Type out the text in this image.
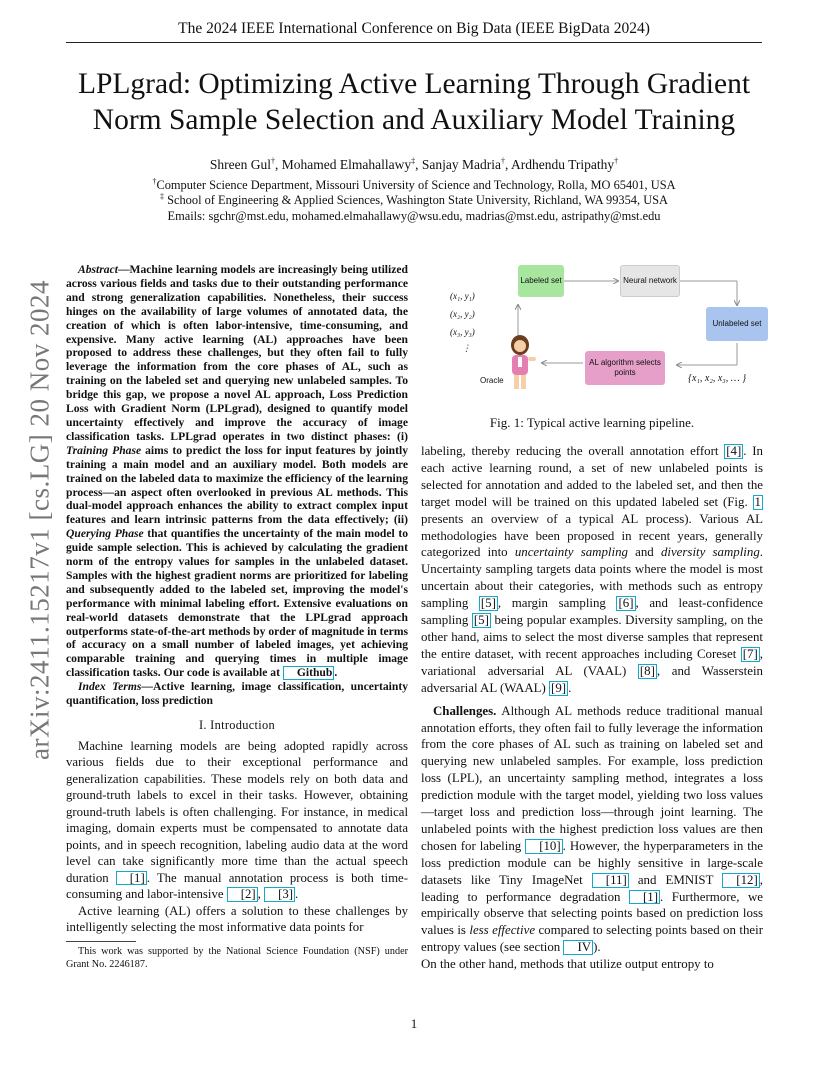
The 2024 IEEE International Conference on Big Data (IEEE BigData 2024)
arXiv:2411.15217v1 [cs.LG] 20 Nov 2024
LPLgrad: Optimizing Active Learning Through Gradient
Norm Sample Selection and Auxiliary Model Training
Shreen Gul†, Mohamed Elmahallawy‡, Sanjay Madria†, Ardhendu Tripathy†
†Computer Science Department, Missouri University of Science and Technology, Rolla, MO 65401, USA
‡ School of Engineering & Applied Sciences, Washington State University, Richland, WA 99354, USA
Emails: sgchr@mst.edu, mohamed.elmahallawy@wsu.edu, madrias@mst.edu, astripathy@mst.edu

Abstract—Machine learning models are increasingly being utilized across various fields and tasks due to their outstanding performance and strong generalization capabilities. Nonetheless, their success hinges on the availability of large volumes of annotated data, the creation of which is often labor-intensive, time-consuming, and expensive. Many active learning (AL) approaches have been proposed to address these challenges, but they often fail to fully leverage the information from the core phases of AL, such as training on the labeled set and querying new unlabeled samples. To bridge this gap, we propose a novel AL approach, Loss Prediction Loss with Gradient Norm (LPLgrad), designed to quantify model uncertainty effectively and improve the accuracy of image classification tasks. LPLgrad operates in two distinct phases: (i) Training Phase aims to predict the loss for input features by jointly training a main model and an auxiliary model. Both models are trained on the labeled data to maximize the efficiency of the learning process—an aspect often overlooked in previous AL methods. This dual-model approach enhances the ability to extract complex input features and learn intrinsic patterns from the data effectively; (ii) Querying Phase that quantifies the uncertainty of the main model to guide sample selection. This is achieved by calculating the gradient norm of the entropy values for samples in the unlabeled dataset. Samples with the highest gradient norms are prioritized for labeling and subsequently added to the labeled set, improving the model's performance with minimal labeling effort. Extensive evaluations on real-world datasets demonstrate that the LPLgrad approach outperforms state-of-the-art methods by order of magnitude in terms of accuracy on a small number of labeled images, yet achieving comparable training and querying times in multiple image classification tasks. Our code is available at Github .

Index Terms—Active learning, image classification, uncertainty quantification, loss prediction

I. Introduction

Machine learning models are being adopted rapidly across various fields due to their exceptional performance and generalization capabilities. These models rely on both data and ground-truth labels to excel in their tasks. However, obtaining ground-truth labels is often challenging. For instance, in medical imaging, domain experts must be compensated to annotate data points, and in speech recognition, labeling audio data at the word level can take significantly more time than the actual speech duration [1] . The manual annotation process is both time-consuming and labor-intensive [2] , [3] .

Active learning (AL) offers a solution to these challenges by intelligently selecting the most informative data points for

This work was supported by the National Science Foundation (NSF) under Grant No. 2246187.
Labeled set	Neural network
Unlabeled set
AL algorithm selects points
Oracle
(x₁, y₁)
(x₂, y₂)
(x₃, y₃)
⋮
{x₁, x₂, x₃, … }
Fig. 1: Typical active learning pipeline.

labeling, thereby reducing the overall annotation effort [4] . In each active learning round, a set of new unlabeled points is selected for annotation and added to the labeled set, and then the target model will be trained on this updated labeled set (Fig. 1 presents an overview of a typical AL process). Various AL methodologies have been proposed in recent years, generally categorized into uncertainty sampling and diversity sampling. Uncertainty sampling targets data points where the model is most uncertain about their categories, with methods such as entropy sampling [5] , margin sampling [6] , and least-confidence sampling [5] being popular examples. Diversity sampling, on the other hand, aims to select the most diverse samples that represent the entire dataset, with recent approaches including Coreset [7] , variational adversarial AL (VAAL) [8] , and Wasserstein adversarial AL (WAAL) [9] .

Challenges. Although AL methods reduce traditional manual annotation efforts, they often fail to fully leverage the information from the core phases of AL such as training on labeled set and querying new unlabeled samples. For example, loss prediction loss (LPL), an uncertainty sampling method, integrates a loss prediction module with the target model, yielding two loss values—target loss and prediction loss—through joint learning. The unlabeled points with the highest prediction loss values are then chosen for labeling [10] . However, the hyperparameters in the loss prediction module can be highly sensitive in large-scale datasets like Tiny ImageNet [11] and EMNIST [12] , leading to performance degradation [1] . Furthermore, we empirically observe that selecting points based on prediction loss values is less effective compared to selecting points based on their entropy values (see section IV ).

On the other hand, methods that utilize output entropy to

1
